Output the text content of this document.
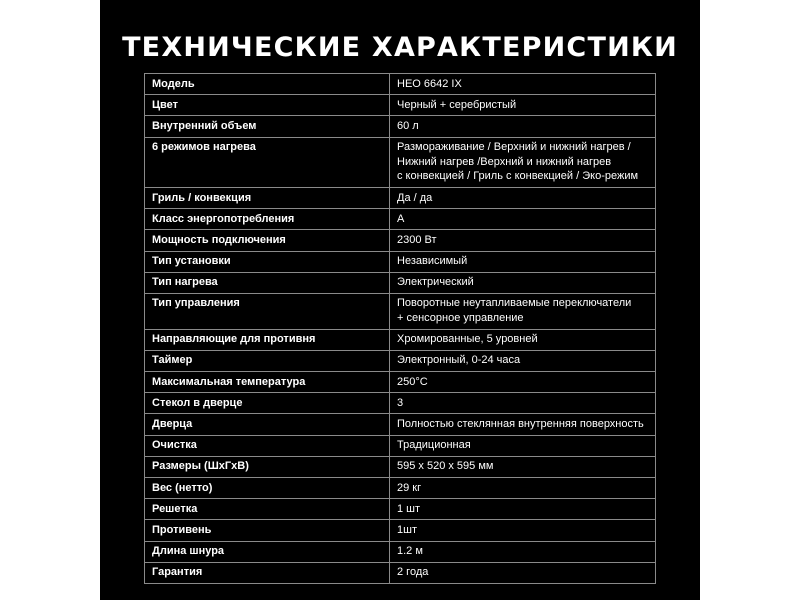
ТЕХНИЧЕСКИЕ ХАРАКТЕРИСТИКИ
Модель	HEO 6642 IX
Цвет	Черный + серебристый
Внутренний объем	60 л
6 режимов нагрева	Размораживание / Верхний и нижний нагрев /
Нижний нагрев /Верхний и нижний нагрев
с конвекцией / Гриль с конвекцией / Эко-режим
Гриль / конвекция	Да / да
Класс энергопотребления	A
Мощность подключения	2300 Вт
Тип установки	Независимый
Тип нагрева	Электрический
Тип управления	Поворотные неутапливаемые переключатели
+ сенсорное управление
Направляющие для противня	Хромированные, 5 уровней
Таймер	Электронный, 0-24 часа
Максимальная температура	250°С
Стекол в дверце	3
Дверца	Полностью стеклянная внутренняя поверхность
Очистка	Традиционная
Размеры (ШхГхВ)	595 х 520 х 595 мм
Вес (нетто)	29 кг
Решетка	1 шт
Противень	1шт
Длина шнура	1.2 м
Гарантия	2 года
